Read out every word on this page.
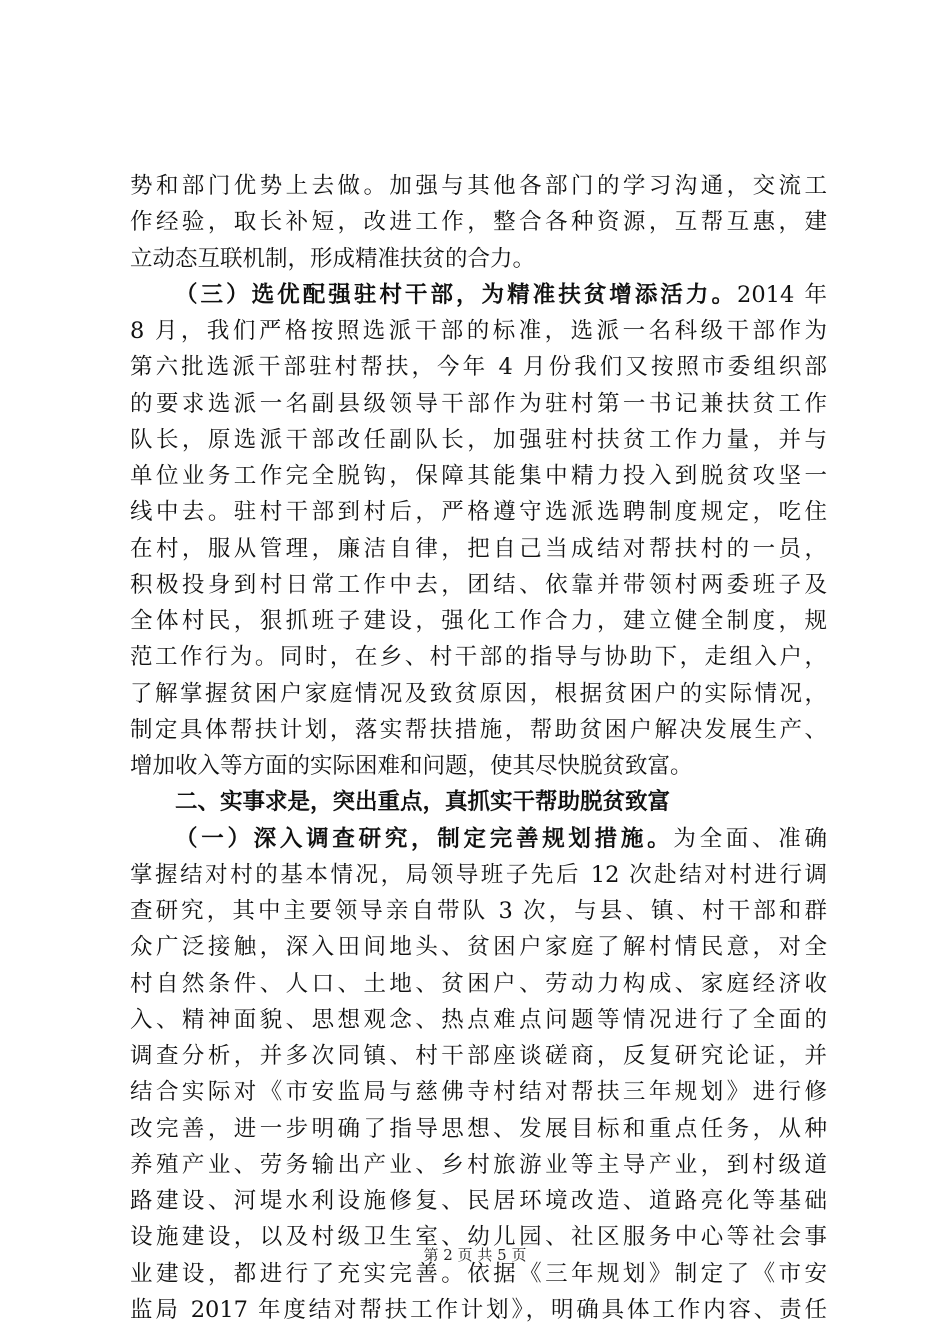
势和部门优势上去做。加强与其他各部门的学习沟通，交流工
作经验，取长补短，改进工作，整合各种资源，互帮互惠，建
立动态互联机制，形成精准扶贫的合力。
（三）选优配强驻村干部，为精准扶贫增添活力。2014 年
8 月，我们严格按照选派干部的标准，选派一名科级干部作为
第六批选派干部驻村帮扶，今年 4 月份我们又按照市委组织部
的要求选派一名副县级领导干部作为驻村第一书记兼扶贫工作
队长，原选派干部改任副队长，加强驻村扶贫工作力量，并与
单位业务工作完全脱钩，保障其能集中精力投入到脱贫攻坚一
线中去。驻村干部到村后，严格遵守选派选聘制度规定，吃住
在村，服从管理，廉洁自律，把自己当成结对帮扶村的一员，
积极投身到村日常工作中去，团结、依靠并带领村两委班子及
全体村民，狠抓班子建设，强化工作合力，建立健全制度，规
范工作行为。同时，在乡、村干部的指导与协助下，走组入户，
了解掌握贫困户家庭情况及致贫原因，根据贫困户的实际情况，
制定具体帮扶计划，落实帮扶措施，帮助贫困户解决发展生产、
增加收入等方面的实际困难和问题，使其尽快脱贫致富。
二、实事求是，突出重点，真抓实干帮助脱贫致富
（一）深入调查研究，制定完善规划措施。为全面、准确
掌握结对村的基本情况，局领导班子先后 12 次赴结对村进行调
查研究，其中主要领导亲自带队 3 次，与县、镇、村干部和群
众广泛接触，深入田间地头、贫困户家庭了解村情民意，对全
村自然条件、人口、土地、贫困户、劳动力构成、家庭经济收
入、精神面貌、思想观念、热点难点问题等情况进行了全面的
调查分析，并多次同镇、村干部座谈磋商，反复研究论证，并
结合实际对《市安监局与慈佛寺村结对帮扶三年规划》进行修
改完善，进一步明确了指导思想、发展目标和重点任务，从种
养殖产业、劳务输出产业、乡村旅游业等主导产业，到村级道
路建设、河堤水利设施修复、民居环境改造、道路亮化等基础
设施建设，以及村级卫生室、幼儿园、社区服务中心等社会事
业建设，都进行了充实完善。依据《三年规划》制定了《市安
监局 2017 年度结对帮扶工作计划》，明确具体工作内容、责任
第 2 页 共 5 页
